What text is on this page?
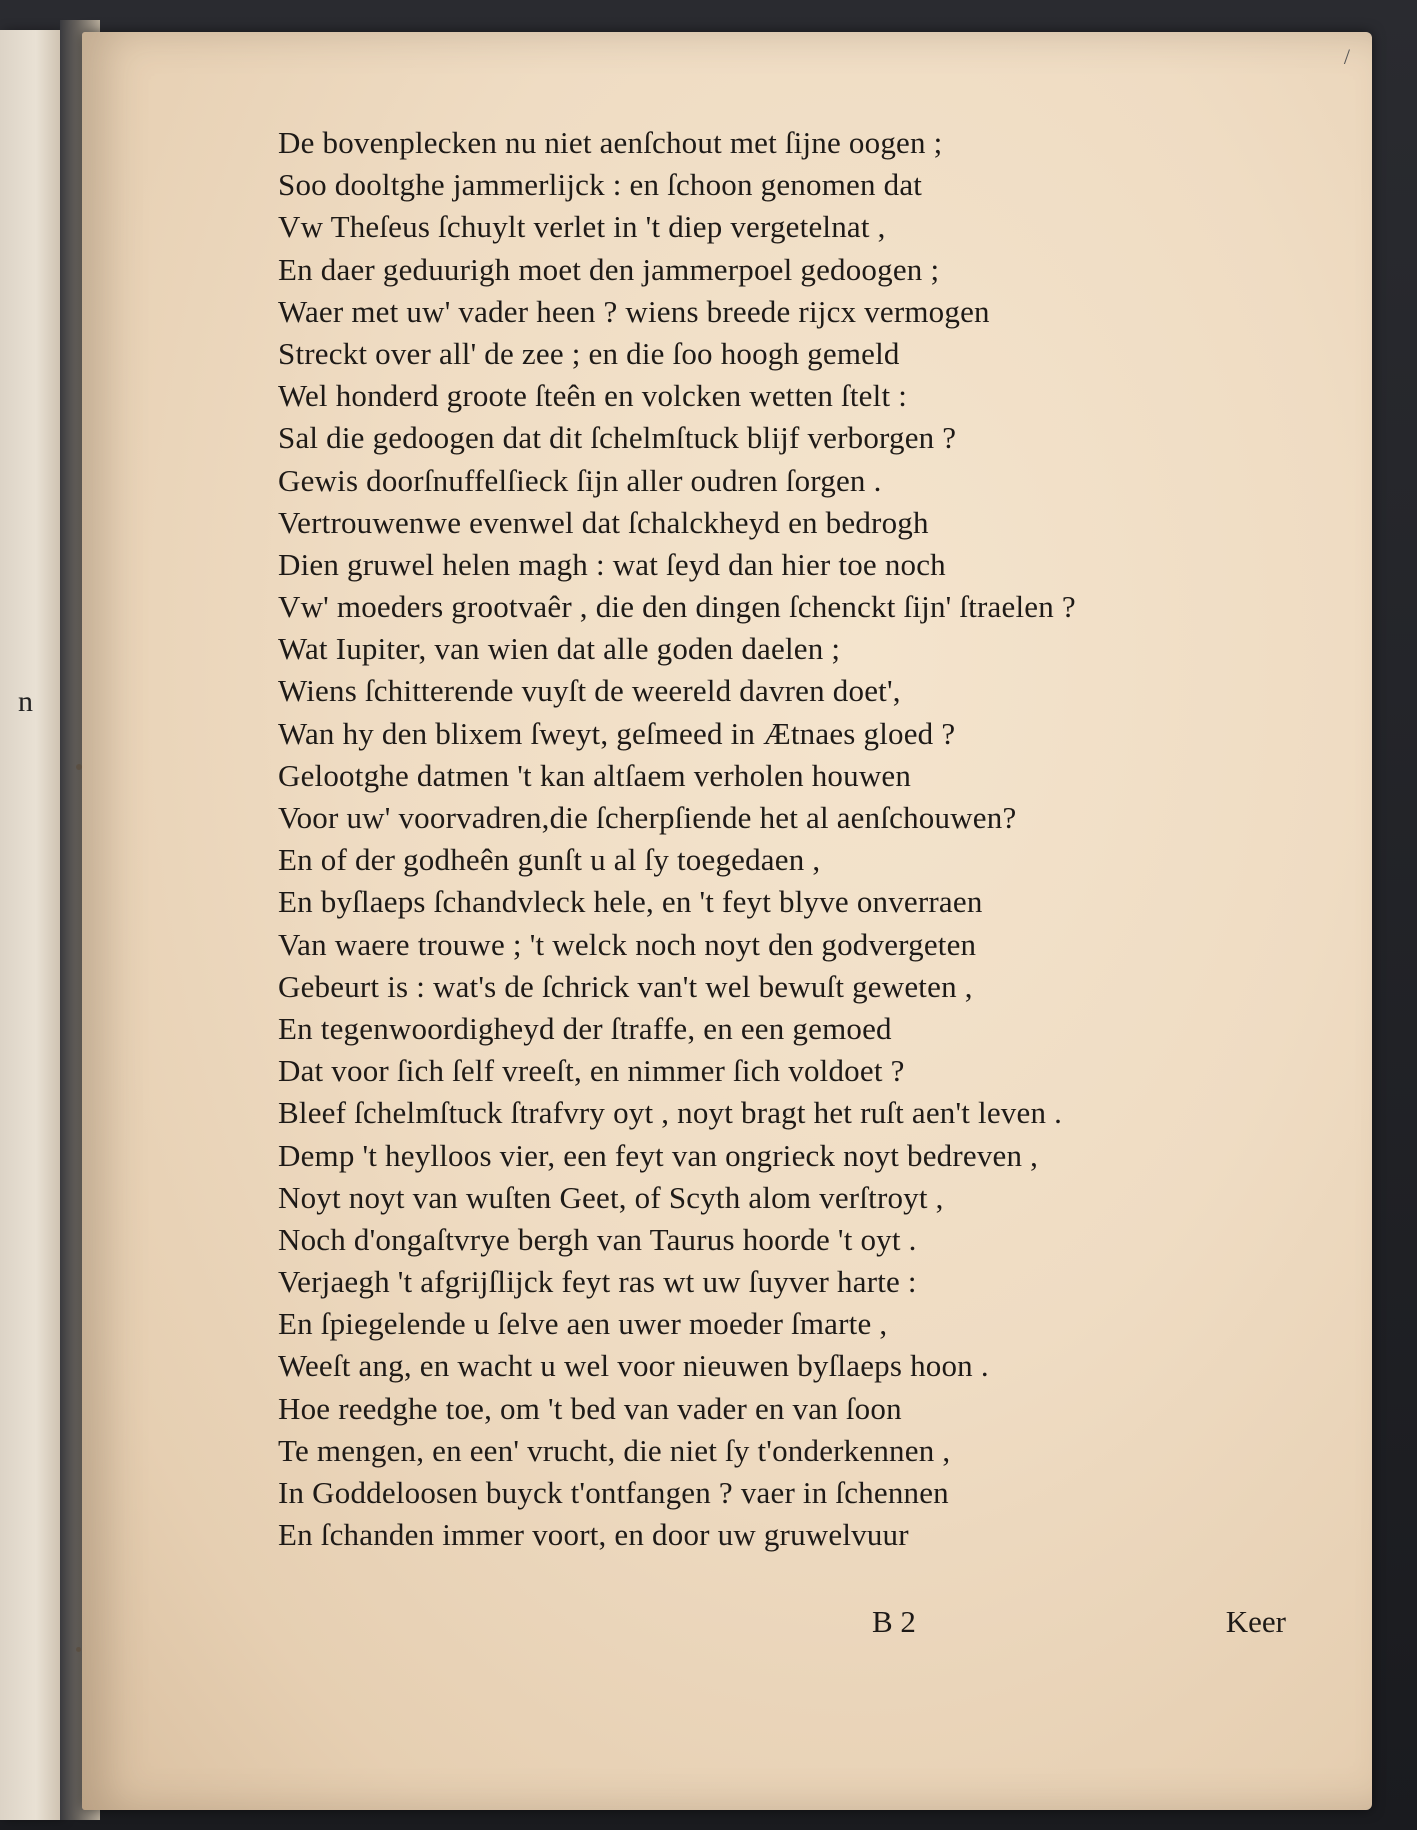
n
/
De bovenplecken nu niet aenſchout met ſijne oogen ;
Soo dooltghe jammerlijck : en ſchoon genomen dat
Vw Theſeus ſchuylt verlet in 't diep vergetelnat ,
En daer geduurigh moet den jammerpoel gedoogen ;
Waer met uw' vader heen ? wiens breede rijcx vermogen
Streckt over all' de zee ; en die ſoo hoogh gemeld
Wel honderd groote ſteên en volcken wetten ſtelt :
Sal die gedoogen dat dit ſchelmſtuck blijf verborgen ?
Gewis doorſnuffelſieck ſijn aller oudren ſorgen .
Vertrouwenwe evenwel dat ſchalckheyd en bedrogh
Dien gruwel helen magh : wat ſeyd dan hier toe noch
Vw' moeders grootvaêr , die den dingen ſchenckt ſijn' ſtraelen ?
Wat Iupiter, van wien dat alle goden daelen ;
Wiens ſchitterende vuyſt de weereld davren doet',
Wan hy den blixem ſweyt, geſmeed in Ætnaes gloed ?
Gelootghe datmen 't kan altſaem verholen houwen
Voor uw' voorvadren,die ſcherpſiende het al aenſchouwen?
En of der godheên gunſt u al ſy toegedaen ,
En byſlaeps ſchandvleck hele, en 't feyt blyve onverraen
Van waere trouwe ; 't welck noch noyt den godvergeten
Gebeurt is : wat's de ſchrick van't wel bewuſt geweten ,
En tegenwoordigheyd der ſtraffe, en een gemoed
Dat voor ſich ſelf vreeſt, en nimmer ſich voldoet ?
Bleef ſchelmſtuck ſtrafvry oyt , noyt bragt het ruſt aen't leven .
Demp 't heylloos vier, een feyt van ongrieck noyt bedreven ,
Noyt noyt van wuſten Geet, of Scyth alom verſtroyt ,
Noch d'ongaſtvrye bergh van Taurus hoorde 't oyt .
Verjaegh 't afgrijſlijck feyt ras wt uw ſuyver harte :
En ſpiegelende u ſelve aen uwer moeder ſmarte ,
Weeſt ang, en wacht u wel voor nieuwen byſlaeps hoon .
Hoe reedghe toe, om 't bed van vader en van ſoon
Te mengen, en een' vrucht, die niet ſy t'onderkennen ,
In Goddeloosen buyck t'ontfangen ? vaer in ſchennen
En ſchanden immer voort, en door uw gruwelvuur
B 2	Keer
